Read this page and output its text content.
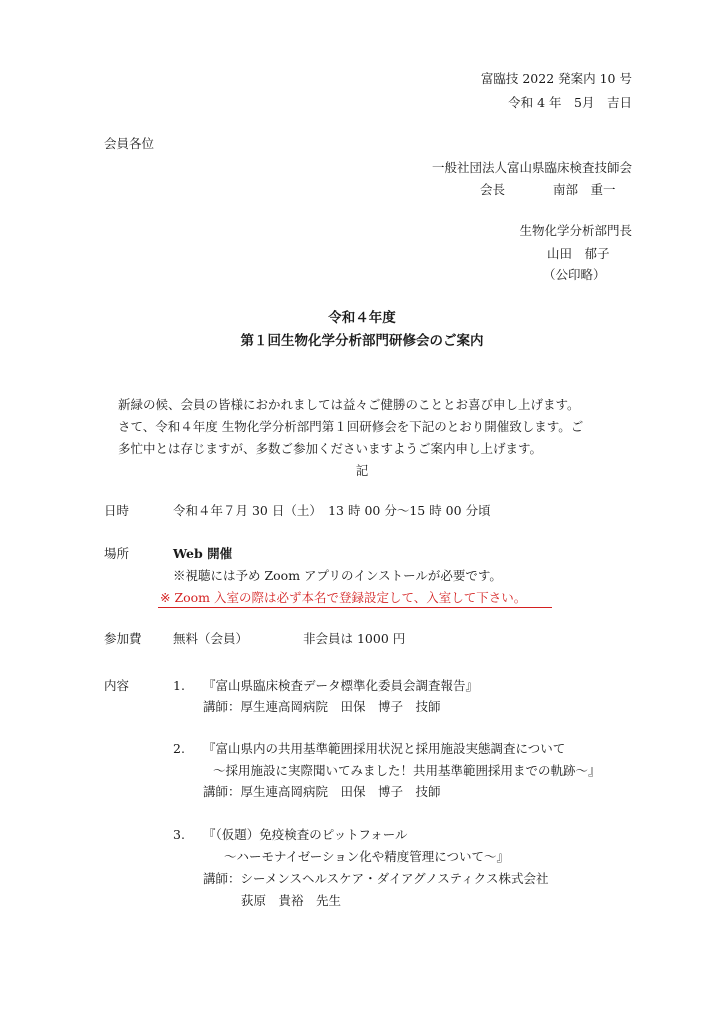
富臨技 2022 発案内 10 号
令和 4 年　5月　吉日
会員各位
一般社団法人富山県臨床検査技師会
会長	南部　重一
生物化学分析部門長
山田　郁子
（公印略）
令和４年度
第１回生物化学分析部門研修会のご案内
新緑の候、会員の皆様におかれましては益々ご健勝のこととお喜び申し上げます。
さて、令和４年度 生物化学分析部門第１回研修会を下記のとおり開催致します。ご
多忙中とは存じますが、多数ご参加くださいますようご案内申し上げます。
記
日時	令和４年７月 30 日（土）　13 時 00 分～15 時 00 分頃
場所	Web 開催
※視聴には予め Zoom アプリのインストールが必要です。
※ Zoom 入室の際は必ず本名で登録設定して、入室して下さい。
参加費	無料（会員）	非会員は 1000 円
内容	1. 『富山県臨床検査データ標準化委員会調査報告』
講師：厚生連高岡病院　田保　博子　技師
2. 『富山県内の共用基準範囲採用状況と採用施設実態調査について
～採用施設に実際聞いてみました！共用基準範囲採用までの軌跡～』
講師：厚生連高岡病院　田保　博子　技師
3. 『（仮題）免疫検査のピットフォール
～ハーモナイゼーション化や精度管理について～』
講師：シーメンスヘルスケア・ダイアグノスティクス株式会社
荻原　貴裕　先生
